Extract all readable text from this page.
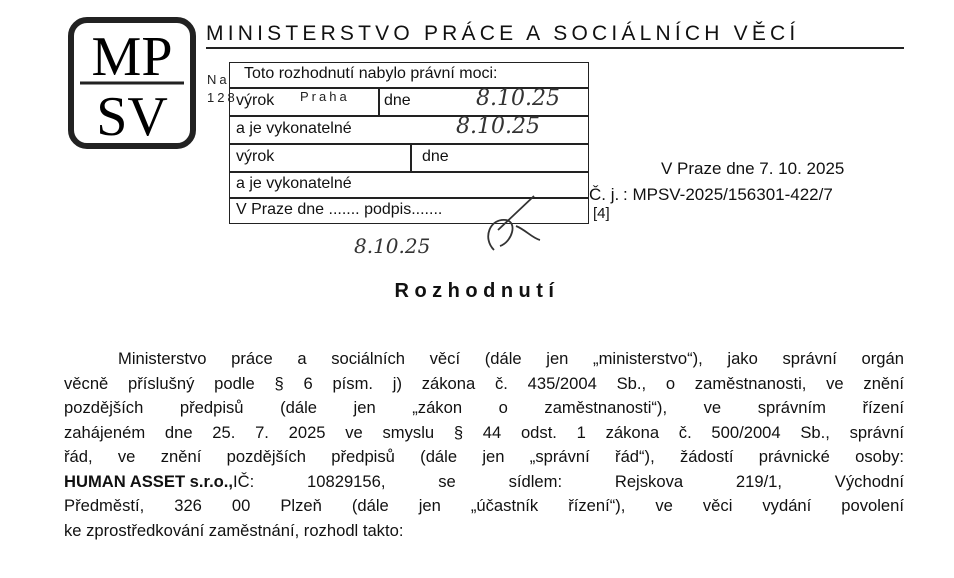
MP
SV
MINISTERSTVO PRÁCE A SOCIÁLNÍCH VĚCÍ
Na
128	Praha
Toto rozhodnutí nabylo právní moci:
výrok	dne
a je vykonatelné
výrok	dne
a je vykonatelné
V Praze dne ....... podpis.......
8.10.25
8.10.25
8.10.25
V Praze dne 7. 10. 2025
Č. j. : MPSV-2025/156301-422/7
[4]
Rozhodnutí
Ministerstvo práce a sociálních věcí (dále jen „ministerstvo“), jako správní orgán
věcně příslušný podle § 6 písm. j) zákona č. 435/2004 Sb., o zaměstnanosti, ve znění
pozdějších předpisů (dále jen „zákon o zaměstnanosti“), ve správním řízení
zahájeném dne 25. 7. 2025 ve smyslu § 44 odst. 1 zákona č. 500/2004 Sb., správní
řád, ve znění pozdějších předpisů (dále jen „správní řád“), žádostí právnické osoby:
HUMAN ASSET s.r.o., IČ: 10829156, se sídlem: Rejskova 219/1, Východní
Předměstí, 326 00 Plzeň (dále jen „účastník řízení“), ve věci vydání povolení
ke zprostředkování zaměstnání, rozhodl takto:
